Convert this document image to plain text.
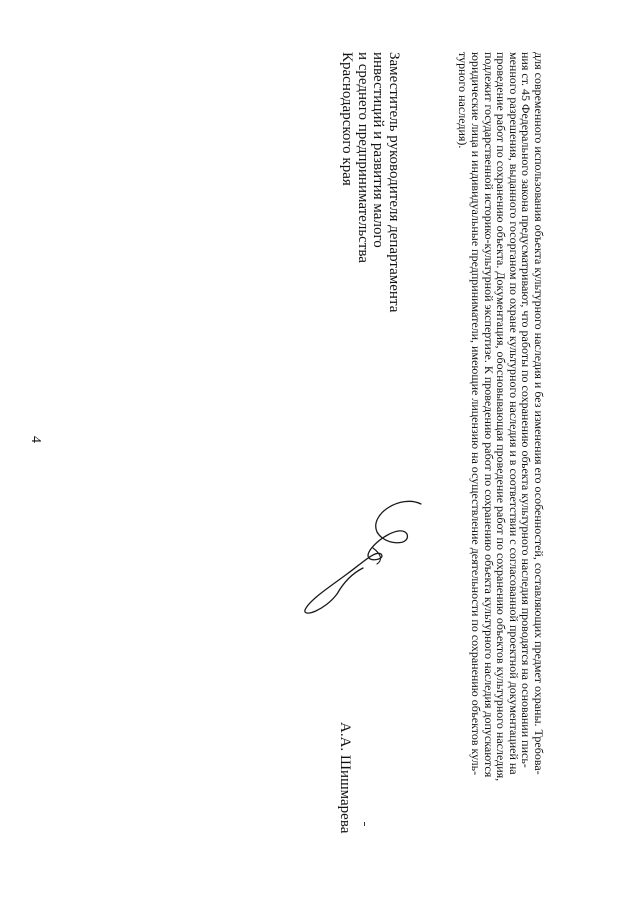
для современного использования объекта культурного наследия и без изменения его особенностей, составляющих предмет охраны. Требова-

ния ст. 45 Федерального закона предусматривают, что работы по сохранению объекта культурного наследия проводятся на основании пись-

менного разрешения, выданного госорганом по охране культурного наследия и в соответствии с согласованной проектной документацией на

проведение работ по сохранению объекта. Документация, обосновывающая проведение работ по сохранению объектов культурного наследия,

подлежит государственной историко-культурной экспертизе. К проведению работ по сохранению объекта культурного наследия допускаются

юридические лица и индивидуальные предприниматели, имеющие лицензию на осуществление деятельности по сохранению объектов куль-

турного наследия).

Заместитель руководителя департамента
инвестиций и развития малого
и среднего предпринимательства
Краснодарского края
А.А. Шишмарева
4
